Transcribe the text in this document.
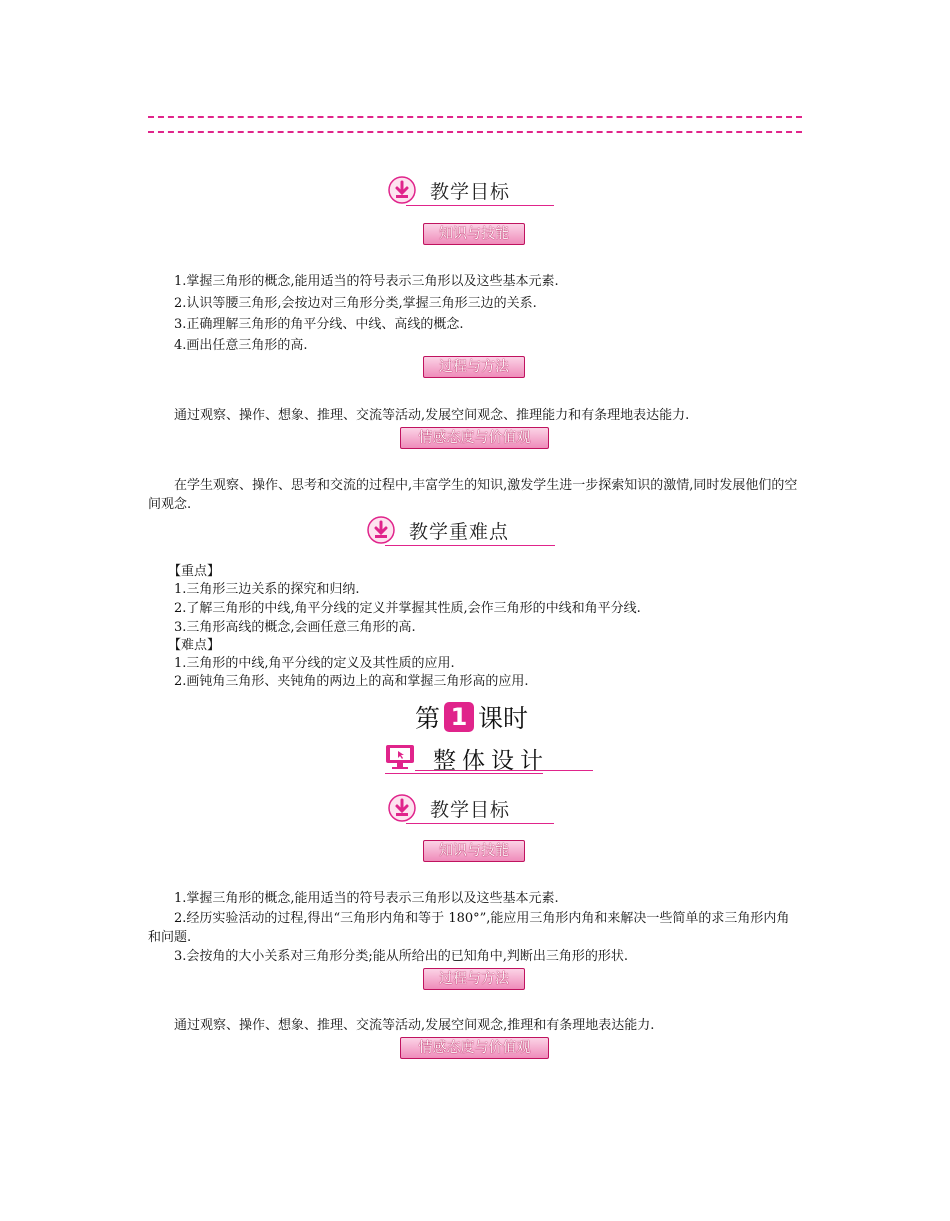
教学目标
知识与技能

1.掌握三角形的概念,能用适当的符号表示三角形以及这些基本元素.

2.认识等腰三角形,会按边对三角形分类,掌握三角形三边的关系.

3.正确理解三角形的角平分线、中线、高线的概念.

4.画出任意三角形的高.

过程与方法

通过观察、操作、想象、推理、交流等活动,发展空间观念、推理能力和有条理地表达能力.

情感态度与价值观

在学生观察、操作、思考和交流的过程中,丰富学生的知识,激发学生进一步探索知识的激情,同时发展他们的空间观念.

教学重难点

【重点】

1.三角形三边关系的探究和归纳.

2.了解三角形的中线,角平分线的定义并掌握其性质,会作三角形的中线和角平分线.

3.三角形高线的概念,会画任意三角形的高.

【难点】

1.三角形的中线,角平分线的定义及其性质的应用.

2.画钝角三角形、夹钝角的两边上的高和掌握三角形高的应用.

第 1 课时
整体设计
教学目标
知识与技能

1.掌握三角形的概念,能用适当的符号表示三角形以及这些基本元素.

2.经历实验活动的过程,得出“三角形内角和等于 180°”,能应用三角形内角和来解决一些简单的求三角形内角和问题.

3.会按角的大小关系对三角形分类;能从所给出的已知角中,判断出三角形的形状.

过程与方法

通过观察、操作、想象、推理、交流等活动,发展空间观念,推理和有条理地表达能力.

情感态度与价值观
